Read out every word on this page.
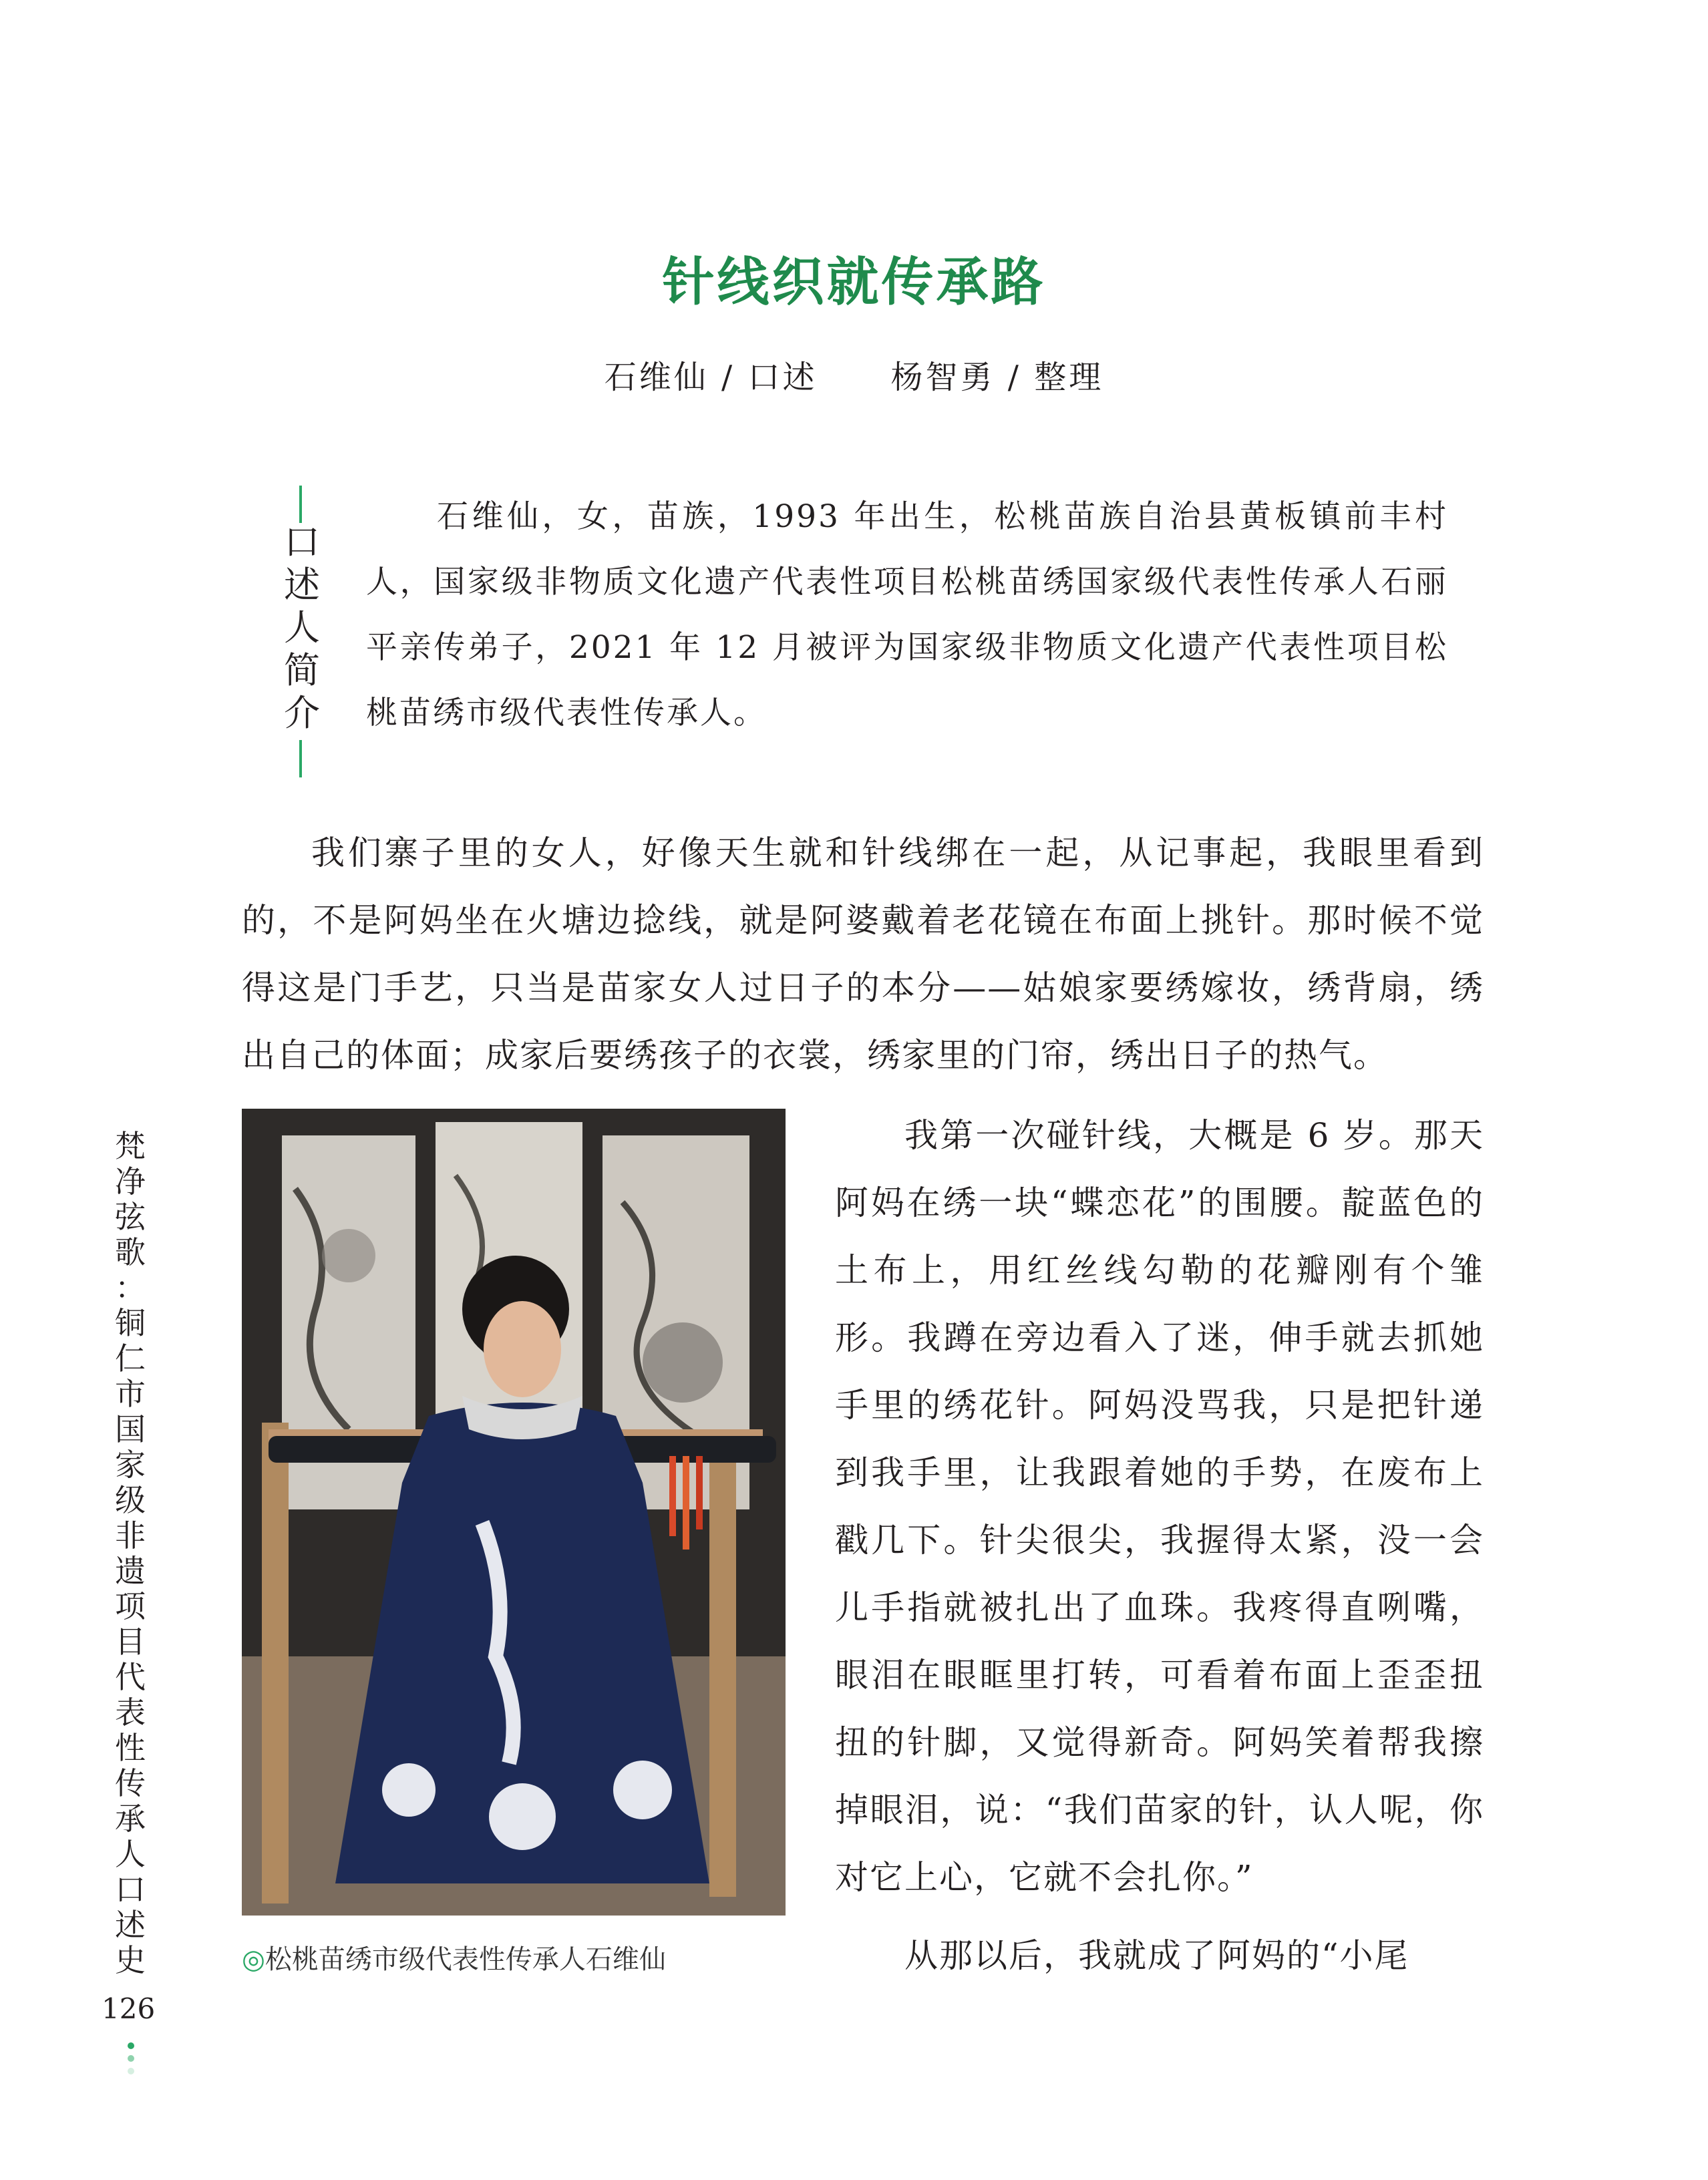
针线织就传承路
石维仙 / 口述 杨智勇 / 整理
口述人简介

石维仙，女，苗族，1993 年出生，松桃苗族自治县黄板镇前丰村人，国家级非物质文化遗产代表性项目松桃苗绣国家级代表性传承人石丽平亲传弟子，2021 年 12 月被评为国家级非物质文化遗产代表性项目松桃苗绣市级代表性传承人。

我们寨子里的女人，好像天生就和针线绑在一起，从记事起，我眼里看到的，不是阿妈坐在火塘边捻线，就是阿婆戴着老花镜在布面上挑针。那时候不觉得这是门手艺，只当是苗家女人过日子的本分——姑娘家要绣嫁妆，绣背扇，绣出自己的体面；成家后要绣孩子的衣裳，绣家里的门帘，绣出日子的热气。

◎松桃苗绣市级代表性传承人石维仙

我第一次碰针线，大概是 6 岁。那天阿妈在绣一块“蝶恋花”的围腰。靛蓝色的土布上，用红丝线勾勒的花瓣刚有个雏形。我蹲在旁边看入了迷，伸手就去抓她手里的绣花针。阿妈没骂我，只是把针递到我手里，让我跟着她的手势，在废布上戳几下。针尖很尖，我握得太紧，没一会儿手指就被扎出了血珠。我疼得直咧嘴，眼泪在眼眶里打转，可看着布面上歪歪扭扭的针脚，又觉得新奇。阿妈笑着帮我擦掉眼泪，说：“我们苗家的针，认人呢，你对它上心，它就不会扎你。”

从那以后，我就成了阿妈的“小尾

梵
净
弦
歌
：
铜
仁
市
国
家
级
非
遗
项
目
代
表
性
传
承
人
口
述
史
126
